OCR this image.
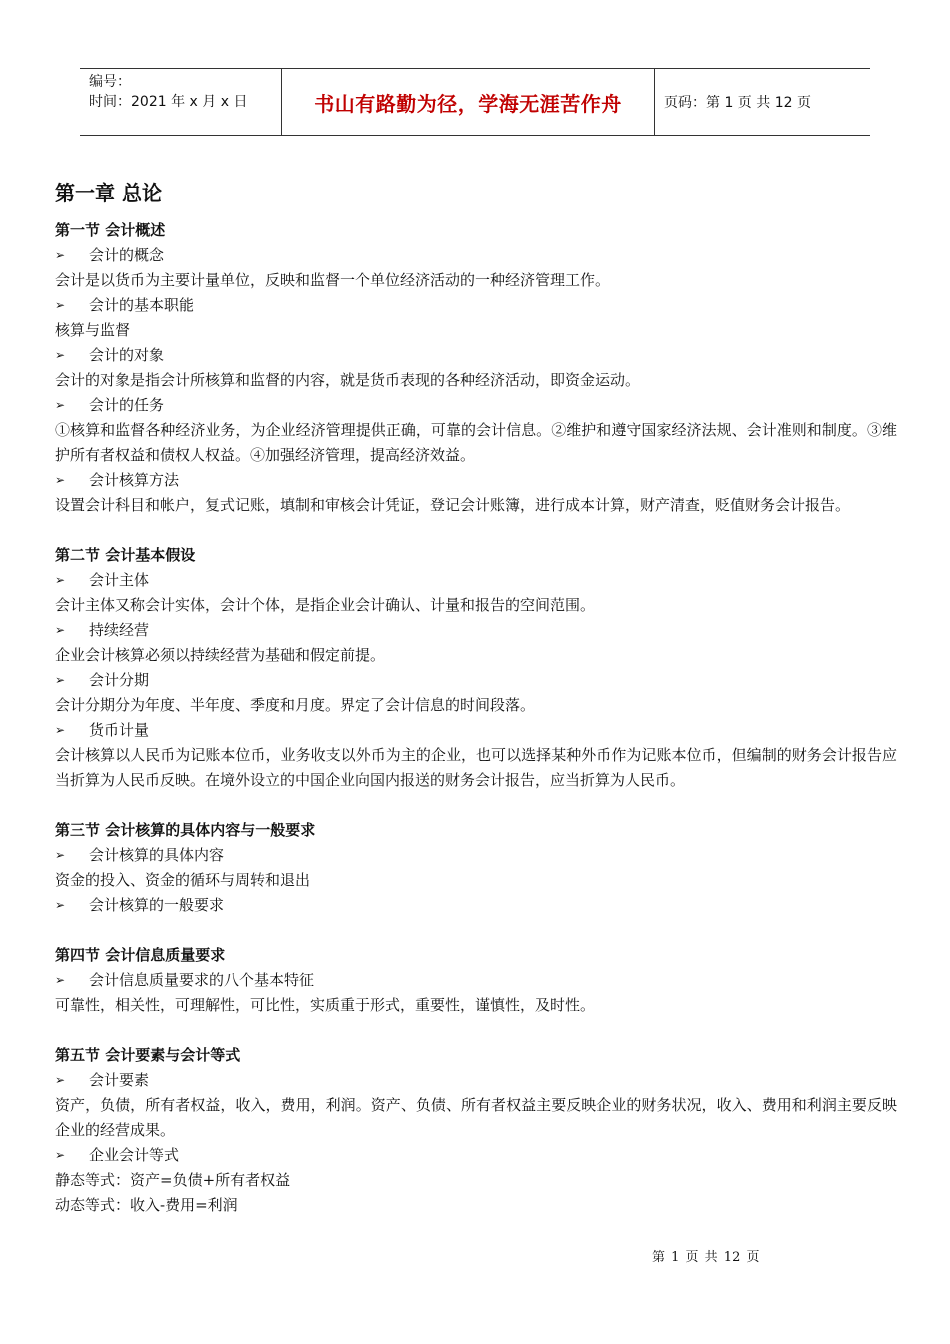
编号：
时间：2021 年 x 月 x 日	书山有路勤为径，学海无涯苦作舟	页码：第 1 页 共 12 页
第一章 总论
第一节 会计概述
➢	会计的概念

会计是以货币为主要计量单位，反映和监督一个单位经济活动的一种经济管理工作。

➢	会计的基本职能

核算与监督

➢	会计的对象

会计的对象是指会计所核算和监督的内容，就是货币表现的各种经济活动，即资金运动。

➢	会计的任务

①核算和监督各种经济业务，为企业经济管理提供正确，可靠的会计信息。②维护和遵守国家经济法规、会计准则和制度。③维护所有者权益和债权人权益。④加强经济管理，提高经济效益。

➢	会计核算方法

设置会计科目和帐户，复式记账，填制和审核会计凭证，登记会计账簿，进行成本计算，财产清查，贬值财务会计报告。

第二节 会计基本假设
➢	会计主体

会计主体又称会计实体，会计个体，是指企业会计确认、计量和报告的空间范围。

➢	持续经营

企业会计核算必须以持续经营为基础和假定前提。

➢	会计分期

会计分期分为年度、半年度、季度和月度。界定了会计信息的时间段落。

➢	货币计量

会计核算以人民币为记账本位币，业务收支以外币为主的企业，也可以选择某种外币作为记账本位币，但编制的财务会计报告应当折算为人民币反映。在境外设立的中国企业向国内报送的财务会计报告，应当折算为人民币。

第三节 会计核算的具体内容与一般要求
➢	会计核算的具体内容

资金的投入、资金的循环与周转和退出

➢	会计核算的一般要求
第四节 会计信息质量要求
➢	会计信息质量要求的八个基本特征

可靠性，相关性，可理解性，可比性，实质重于形式，重要性，谨慎性，及时性。

第五节 会计要素与会计等式
➢	会计要素

资产，负债，所有者权益，收入，费用，利润。资产、负债、所有者权益主要反映企业的财务状况，收入、费用和利润主要反映企业的经营成果。

➢	企业会计等式

静态等式：资产=负债+所有者权益

动态等式：收入-费用=利润

第 1 页 共 12 页
